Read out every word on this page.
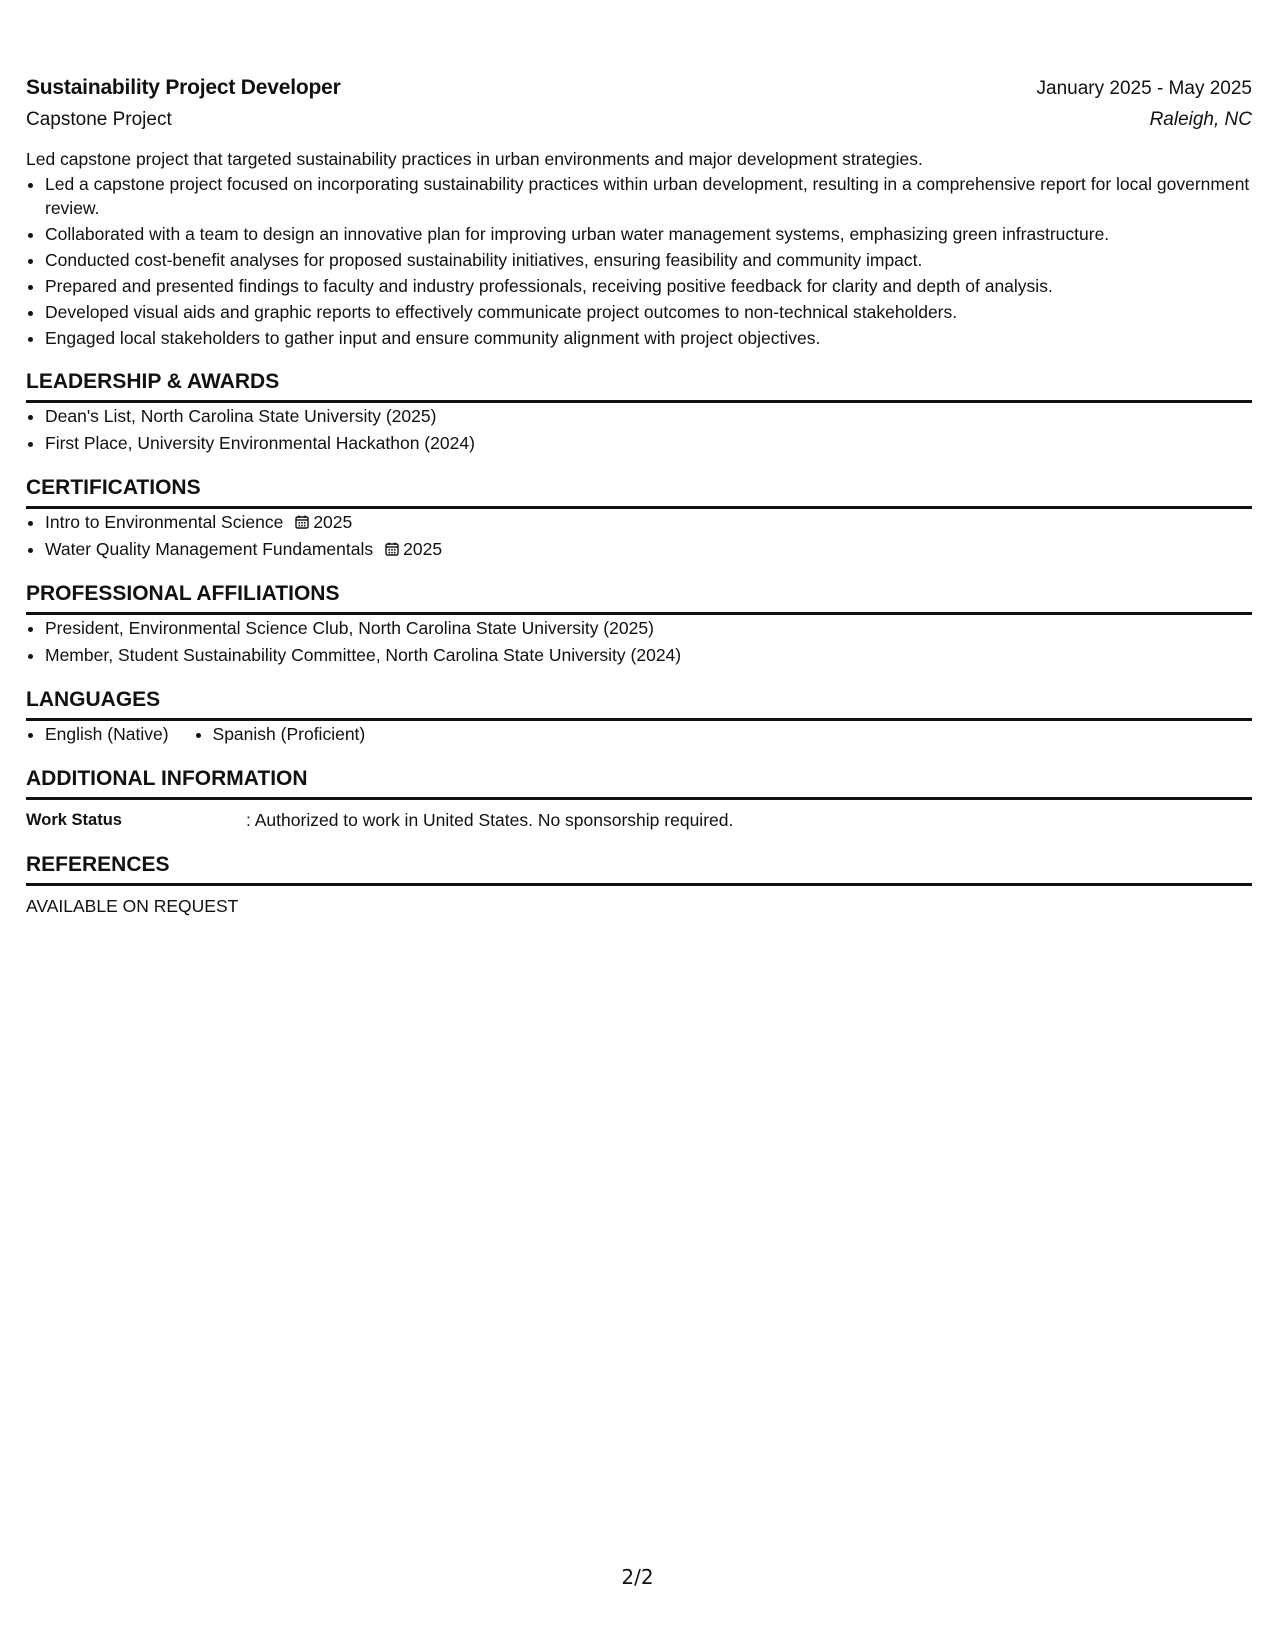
Sustainability Project Developer	January 2025 - May 2025
Capstone Project	Raleigh, NC
Led capstone project that targeted sustainability practices in urban environments and major development strategies.
• Led a capstone project focused on incorporating sustainability practices within urban development, resulting in a comprehensive report for local government review.
• Collaborated with a team to design an innovative plan for improving urban water management systems, emphasizing green infrastructure.
• Conducted cost-benefit analyses for proposed sustainability initiatives, ensuring feasibility and community impact.
• Prepared and presented findings to faculty and industry professionals, receiving positive feedback for clarity and depth of analysis.
• Developed visual aids and graphic reports to effectively communicate project outcomes to non-technical stakeholders.
• Engaged local stakeholders to gather input and ensure community alignment with project objectives.
LEADERSHIP & AWARDS
• Dean's List, North Carolina State University (2025)
• First Place, University Environmental Hackathon (2024)
CERTIFICATIONS
• Intro to Environmental Science 2025
• Water Quality Management Fundamentals 2025
PROFESSIONAL AFFILIATIONS
• President, Environmental Science Club, North Carolina State University (2025)
• Member, Student Sustainability Committee, North Carolina State University (2024)
LANGUAGES
• English (Native)
•	Spanish (Proficient)
ADDITIONAL INFORMATION
Work Status	: Authorized to work in United States. No sponsorship required.
REFERENCES
AVAILABLE ON REQUEST
2/2
